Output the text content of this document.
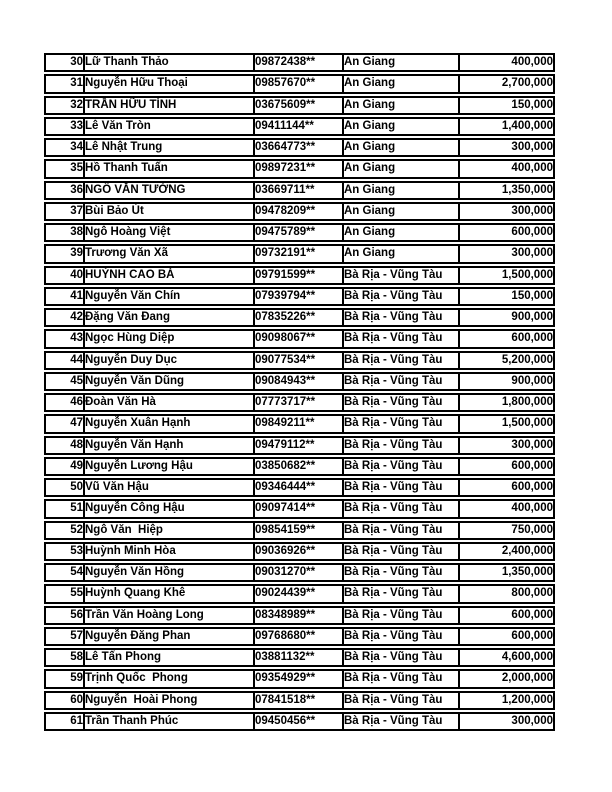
30	Lữ Thanh Thảo	09872438**	An Giang	400,000
31	Nguyễn Hữu Thoại	09857670**	An Giang	2,700,000
32	TRẦN HỮU TÍNH	03675609**	An Giang	150,000
33	Lê Văn Tròn	09411144**	An Giang	1,400,000
34	Lê Nhật Trung	03664773**	An Giang	300,000
35	Hồ Thanh Tuấn	09897231**	An Giang	400,000
36	NGÔ VĂN TƯỜNG	03669711**	An Giang	1,350,000
37	Bùi Bảo Út	09478209**	An Giang	300,000
38	Ngô Hoàng Việt	09475789**	An Giang	600,000
39	Trương Văn Xã	09732191**	An Giang	300,000
40	HUỲNH CAO BÁ	09791599**	Bà Rịa - Vũng Tàu	1,500,000
41	Nguyễn Văn Chín	07939794**	Bà Rịa - Vũng Tàu	150,000
42	Đặng Văn Đang	07835226**	Bà Rịa - Vũng Tàu	900,000
43	Ngọc Hùng Diệp	09098067**	Bà Rịa - Vũng Tàu	600,000
44	Nguyễn Duy Dục	09077534**	Bà Rịa - Vũng Tàu	5,200,000
45	Nguyễn Văn Dũng	09084943**	Bà Rịa - Vũng Tàu	900,000
46	Đoàn Văn Hà	07773717**	Bà Rịa - Vũng Tàu	1,800,000
47	Nguyễn Xuân Hạnh	09849211**	Bà Rịa - Vũng Tàu	1,500,000
48	Nguyễn Văn Hạnh	09479112**	Bà Rịa - Vũng Tàu	300,000
49	Nguyễn Lương Hậu	03850682**	Bà Rịa - Vũng Tàu	600,000
50	Vũ Văn Hậu	09346444**	Bà Rịa - Vũng Tàu	600,000
51	Nguyễn Công Hậu	09097414**	Bà Rịa - Vũng Tàu	400,000
52	Ngô Văn  Hiệp	09854159**	Bà Rịa - Vũng Tàu	750,000
53	Huỳnh Minh Hòa	09036926**	Bà Rịa - Vũng Tàu	2,400,000
54	Nguyễn Văn Hồng	09031270**	Bà Rịa - Vũng Tàu	1,350,000
55	Huỳnh Quang Khê	09024439**	Bà Rịa - Vũng Tàu	800,000
56	Trần Văn Hoàng Long	08348989**	Bà Rịa - Vũng Tàu	600,000
57	Nguyễn Đăng Phan	09768680**	Bà Rịa - Vũng Tàu	600,000
58	Lê Tấn Phong	03881132**	Bà Rịa - Vũng Tàu	4,600,000
59	Trịnh Quốc  Phong	09354929**	Bà Rịa - Vũng Tàu	2,000,000
60	Nguyễn  Hoài Phong	07841518**	Bà Rịa - Vũng Tàu	1,200,000
61	Trần Thanh Phúc	09450456**	Bà Rịa - Vũng Tàu	300,000
